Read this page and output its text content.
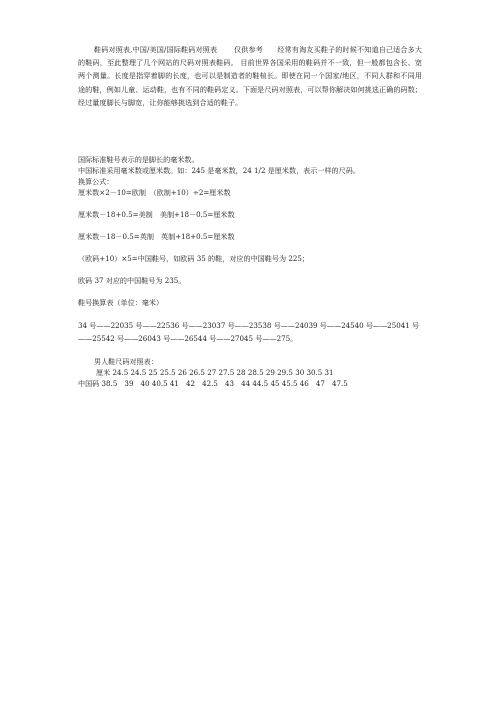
鞋码对照表,中国/美国/国际鞋码对照表 　　仅供参考　　经常有淘友买鞋子的时候不知道自己适合多大的鞋码，至此整理了几个网站的尺码对照表鞋码。 目前世界各国采用的鞋码并不一致，但一般都包含长、宽两个测量。长度是指穿着脚的长度，也可以是制造者的鞋楦长。即使在同一个国家/地区，不同人群和不同用途的鞋，例如儿童、运动鞋，也有不同的鞋码定义。下面是尺码对照表，可以帮你解决如何挑选正确的码数；经过量度脚长与脚宽，让你能够挑选到合适的鞋子。

国际标准鞋号表示的是脚长的毫米数。
中国标准采用毫米数或厘米数。如：245 是毫米数，24 1/2 是厘米数，表示一样的尺码。
换算公式：
厘米数×2－10=欧制　（欧制+10）÷2=厘米数
厘米数－18+0.5=美制　美制+18－0.5=厘米数
厘米数－18－0.5=英制　英制+18+0.5=厘米数
（欧码+10）×5=中国鞋号，如欧码 35 的鞋，对应的中国鞋号为 225；
欧码 37 对应的中国鞋号为 235。
鞋号换算表（单位：毫米）
34 号——22035 号——22536 号——23037 号——23538 号——24039 号——24540 号——25041 号——25542 号——26043 号——26544 号——27045 号——275。
男人鞋尺码对照表：
厘米 24.5 24.5 25 25.5 26 26.5 27 27.5 28 28.5 29 29.5 30 30.5 31
中国码 38.5　39　40 40.5 41　42　42.5　43　44 44.5 45 45.5 46　47　47.5
